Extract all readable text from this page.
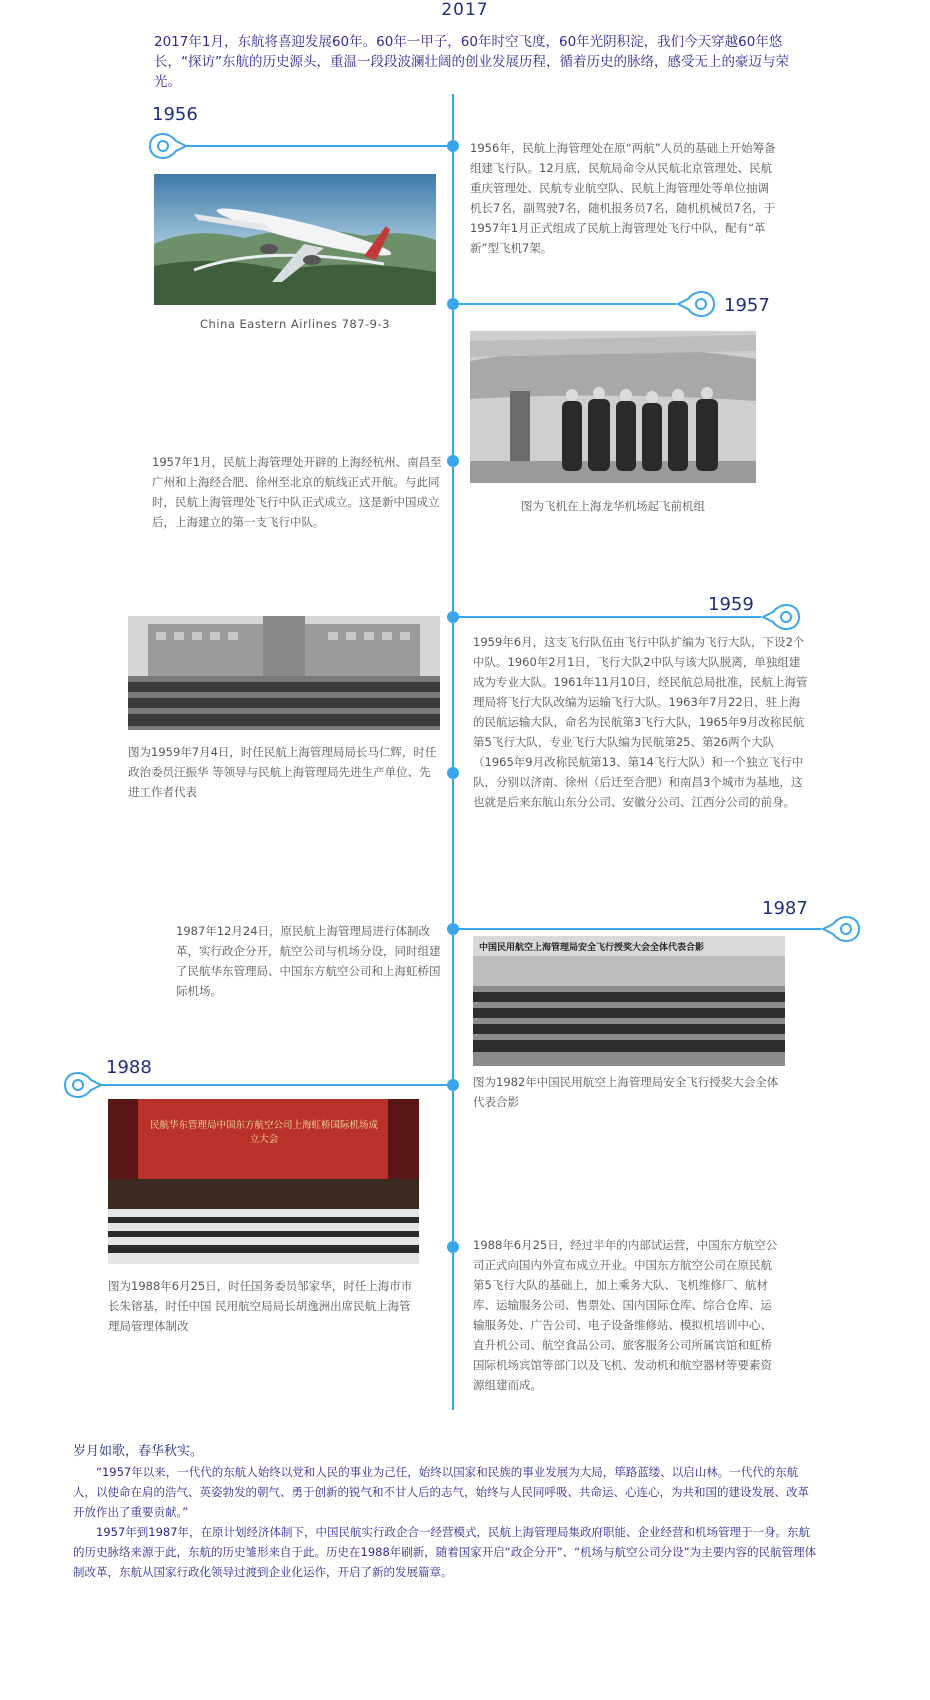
2017
2017年1月，东航将喜迎发展60年。60年一甲子，60年时空飞度，60年光阴积淀，我们今天穿越60年悠长，“探访”东航的历史源头，重温一段段波澜壮阔的创业发展历程，循着历史的脉络，感受无上的豪迈与荣光。
1956
1956年，民航上海管理处在原“两航”人员的基础上开始筹备组建飞行队。12月底，民航局命令从民航北京管理处、民航重庆管理处、民航专业航空队、民航上海管理处等单位抽调机长7名，副驾驶7名，随机报务员7名，随机机械员7名，于1957年1月正式组成了民航上海管理处飞行中队，配有“革新”型飞机7架。
China Eastern Airlines 787-9-3
1957
图为飞机在上海龙华机场起飞前机组
1957年1月，民航上海管理处开辟的上海经杭州、南昌至广州和上海经合肥、徐州至北京的航线正式开航。与此同时，民航上海管理处飞行中队正式成立。这是新中国成立后，上海建立的第一支飞行中队。
1959
图为1959年7月4日，时任民航上海管理局局长马仁辉，时任政治委员汪振华 等领导与民航上海管理局先进生产单位、先进工作者代表
1959年6月，这支飞行队伍由飞行中队扩编为飞行大队，下设2个中队。1960年2月1日，飞行大队2中队与该大队脱离，单独组建成为专业大队。1961年11月10日，经民航总局批准，民航上海管理局将飞行大队改编为运输飞行大队。1963年7月22日，驻上海的民航运输大队，命名为民航第3飞行大队，1965年9月改称民航第5飞行大队，专业飞行大队编为民航第25、第26两个大队（1965年9月改称民航第13、第14飞行大队）和一个独立飞行中队，分别以济南、徐州（后迁至合肥）和南昌3个城市为基地，这也就是后来东航山东分公司、安徽分公司、江西分公司的前身。
1987
1987年12月24日，原民航上海管理局进行体制改革，实行政企分开，航空公司与机场分设，同时组建了民航华东管理局、中国东方航空公司和上海虹桥国际机场。
中国民用航空上海管理局安全飞行授奖大会全体代表合影
图为1982年中国民用航空上海管理局安全飞行授奖大会全体代表合影
1988
民航华东管理局中国东方航空公司上海虹桥国际机场成立大会
图为1988年6月25日，时任国务委员邹家华，时任上海市市长朱镕基，时任中国 民用航空局局长胡逸洲出席民航上海管理局管理体制改
1988年6月25日，经过半年的内部试运营，中国东方航空公司正式向国内外宣布成立开业。中国东方航空公司在原民航第5飞行大队的基础上，加上乘务大队、飞机维修厂、航材库、运输服务公司、售票处、国内国际仓库、综合仓库、运输服务处、广告公司、电子设备维修站、模拟机培训中心、直升机公司、航空食品公司、旅客服务公司所属宾馆和虹桥国际机场宾馆等部门以及飞机、发动机和航空器材等要素资源组建而成。
岁月如歌，春华秋实。
“1957年以来，一代代的东航人始终以党和人民的事业为己任，始终以国家和民族的事业发展为大局，筚路蓝缕、以启山林。一代代的东航人，以使命在肩的浩气、英姿勃发的朝气、勇于创新的锐气和不甘人后的志气，始终与人民同呼吸、共命运、心连心，为共和国的建设发展、改革开放作出了重要贡献。”
1957年到1987年，在原计划经济体制下，中国民航实行政企合一经营模式，民航上海管理局集政府职能、企业经营和机场管理于一身。东航的历史脉络来源于此，东航的历史雏形来自于此。历史在1988年刷新，随着国家开启“政企分开”、“机场与航空公司分设”为主要内容的民航管理体制改革，东航从国家行政化领导过渡到企业化运作，开启了新的发展篇章。
